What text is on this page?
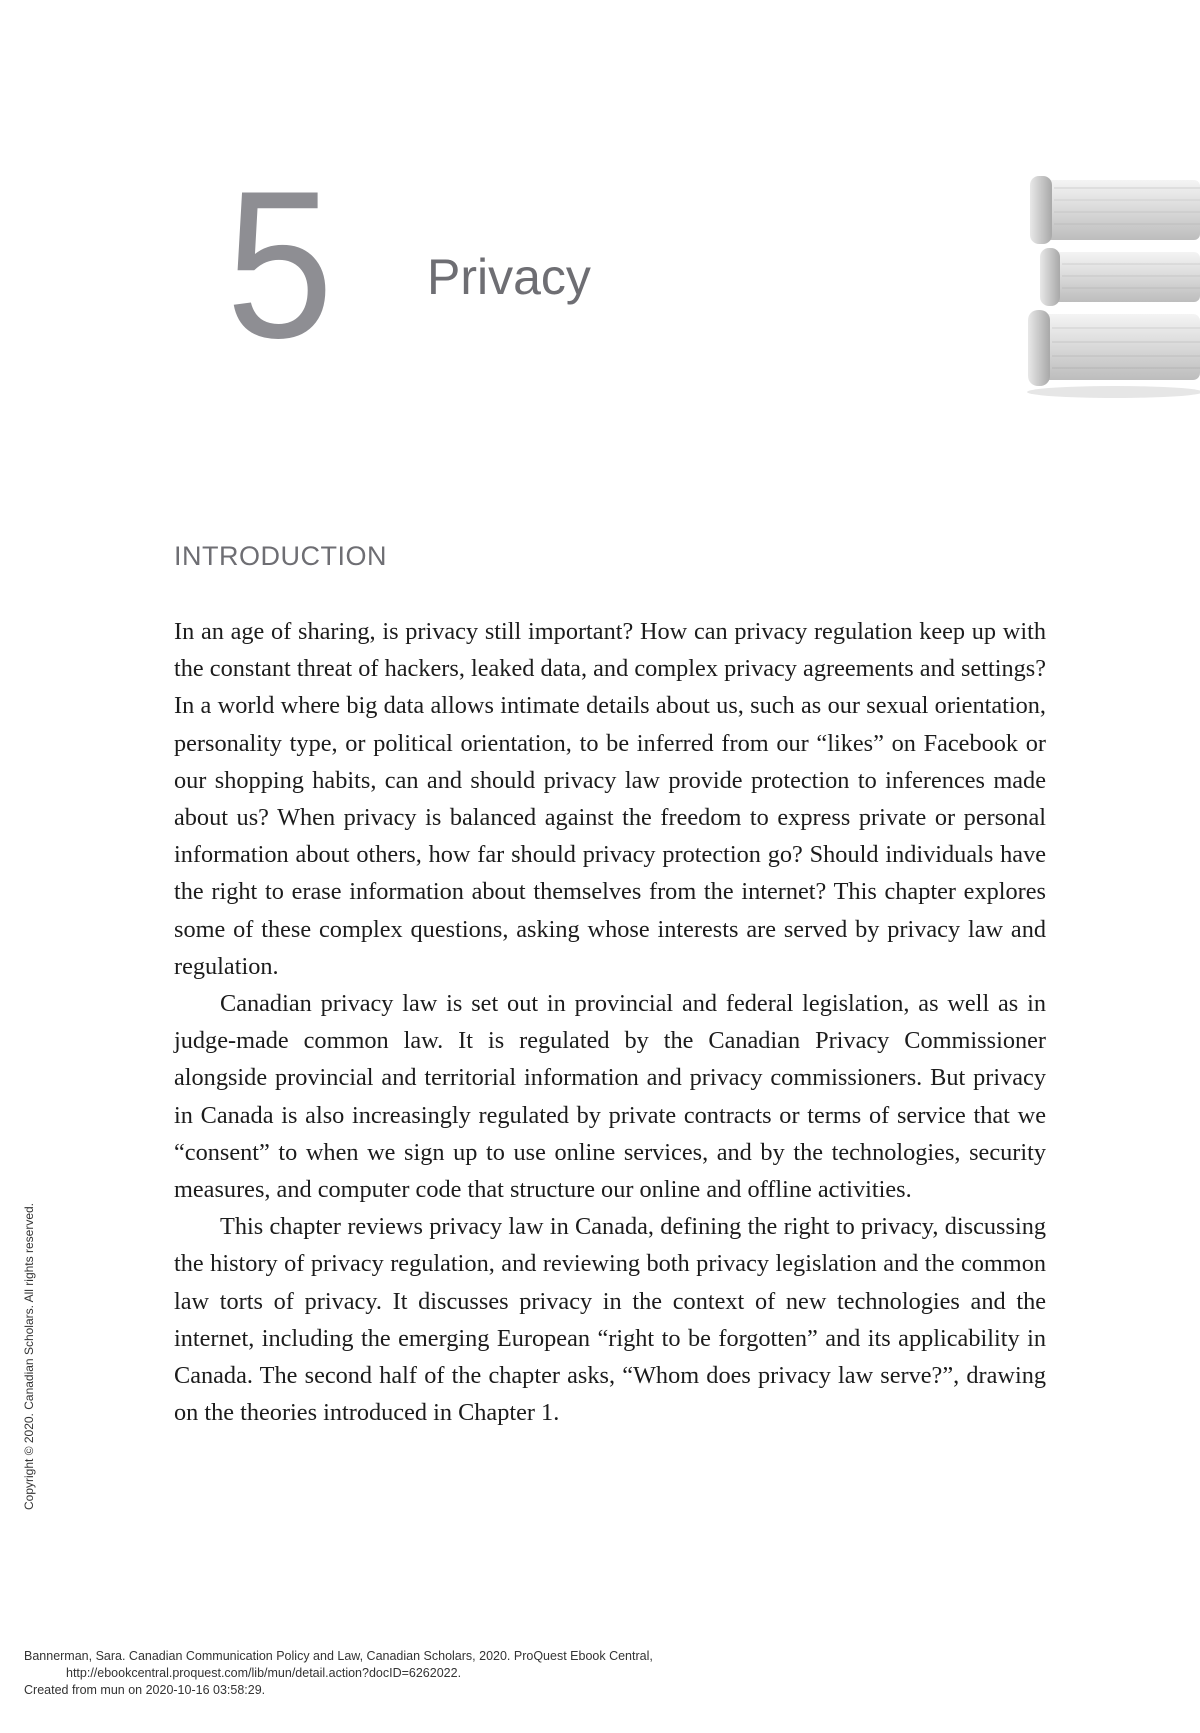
5 Privacy
INTRODUCTION

In an age of sharing, is privacy still important? How can privacy regulation keep up with the constant threat of hackers, leaked data, and complex privacy agreements and settings? In a world where big data allows intimate details about us, such as our sexual orientation, personality type, or political orientation, to be inferred from our “likes” on Facebook or our shopping habits, can and should privacy law provide protection to inferences made about us? When privacy is balanced against the freedom to express private or personal information about others, how far should privacy protection go? Should individuals have the right to erase information about themselves from the internet? This chapter explores some of these complex questions, asking whose interests are served by privacy law and regulation.

Canadian privacy law is set out in provincial and federal legislation, as well as in judge-made common law. It is regulated by the Canadian Privacy Commissioner alongside provincial and territorial information and privacy commissioners. But privacy in Canada is also increasingly regulated by private contracts or terms of service that we “consent” to when we sign up to use online services, and by the technologies, security measures, and computer code that structure our online and offline activities.

This chapter reviews privacy law in Canada, defining the right to privacy, discussing the history of privacy regulation, and reviewing both privacy legislation and the common law torts of privacy. It discusses privacy in the context of new technologies and the internet, including the emerging European “right to be forgotten” and its applicability in Canada. The second half of the chapter asks, “Whom does privacy law serve?”, drawing on the theories introduced in Chapter 1.

Copyright © 2020. Canadian Scholars. All rights reserved.
Bannerman, Sara. Canadian Communication Policy and Law, Canadian Scholars, 2020. ProQuest Ebook Central,
http://ebookcentral.proquest.com/lib/mun/detail.action?docID=6262022.
Created from mun on 2020-10-16 03:58:29.
